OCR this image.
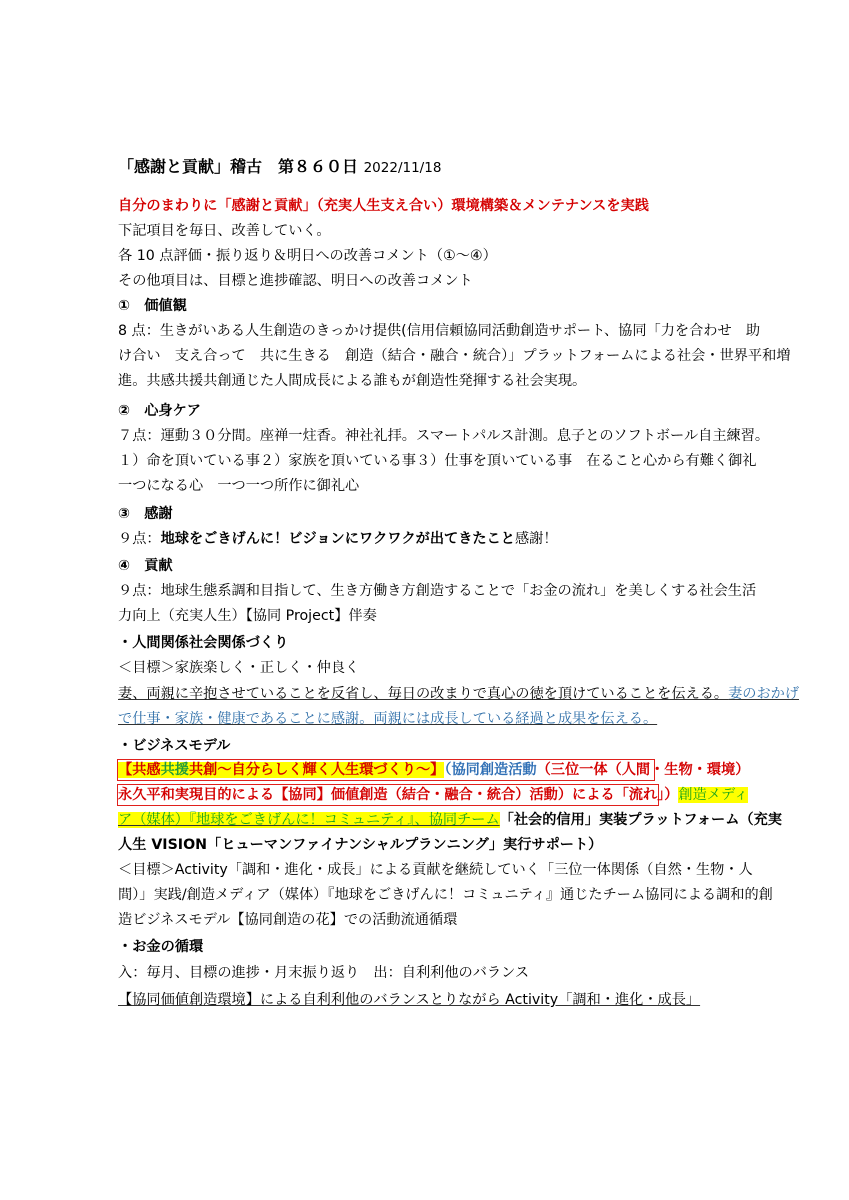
「感謝と貢献」稽古　第８６０日 2022/11/18
自分のまわりに「感謝と貢献」（充実人生支え合い）環境構築＆メンテナンスを実践
下記項目を毎日、改善していく。
各 10 点評価・振り返り＆明日への改善コメント（①～④）
その他項目は、目標と進捗確認、明日への改善コメント
①　価値観
8 点：生きがいある人生創造のきっかけ提供(信用信頼協同活動創造サポート、協同「力を合わせ　助
け合い　支え合って　共に生きる　創造（結合・融合・統合）」プラットフォームによる社会・世界平和増
進。共感共援共創通じた人間成長による誰もが創造性発揮する社会実現。
②　心身ケア
７点：運動３０分間。座禅一炷香。神社礼拝。スマートパルス計測。息子とのソフトボール自主練習。
１）命を頂いている事２）家族を頂いている事３）仕事を頂いている事　在ること心から有難く御礼
一つになる心　一つ一つ所作に御礼心
③　感謝
９点：地球をごきげんに！ビジョンにワクワクが出てきたこと感謝！
④　貢献
９点：地球生態系調和目指して、生き方働き方創造することで「お金の流れ」を美しくする社会生活
力向上（充実人生）【協同 Project】伴奏
・人間関係社会関係づくり
＜目標＞家族楽しく・正しく・仲良く
妻、両親に辛抱させていることを反省し、毎日の改まりで真心の徳を頂けていることを伝える。妻のおかげ
で仕事・家族・健康であることに感謝。両親には成長している経過と成果を伝える。
・ビジネスモデル
【共感共援共創～自分らしく輝く人生環づくり～】（協同創造活動（三位一体（人間・生物・環境）
永久平和実現目的による【協同】価値創造（結合・融合・統合）活動）による「流れ」）創造メディ
ア（媒体）『地球をごきげんに！コミュニティ』、協同チーム「社会的信用」実装プラットフォーム（充実
人生 VISION「ヒューマンファイナンシャルプランニング」実行サポート）
＜目標＞Activity「調和・進化・成長」による貢献を継続していく「三位一体関係（自然・生物・人
間）」実践/創造メディア（媒体）『地球をごきげんに！コミュニティ』通じたチーム協同による調和的創
造ビジネスモデル【協同創造の花】での活動流通循環
・お金の循環
入：毎月、目標の進捗・月末振り返り　出：自利利他のバランス
【協同価値創造環境】による自利利他のバランスとりながら Activity「調和・進化・成長」
